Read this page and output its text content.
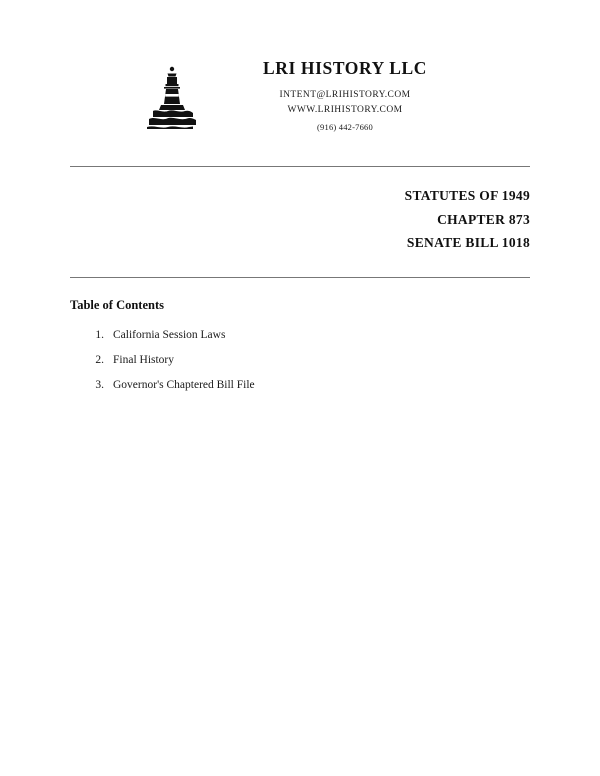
LRI HISTORY LLC
INTENT@LRIHISTORY.COM
WWW.LRIHISTORY.COM
(916) 442-7660
STATUTES OF 1949
CHAPTER 873
SENATE BILL 1018
Table of Contents
1. California Session Laws
2. Final History
3. Governor's Chaptered Bill File
